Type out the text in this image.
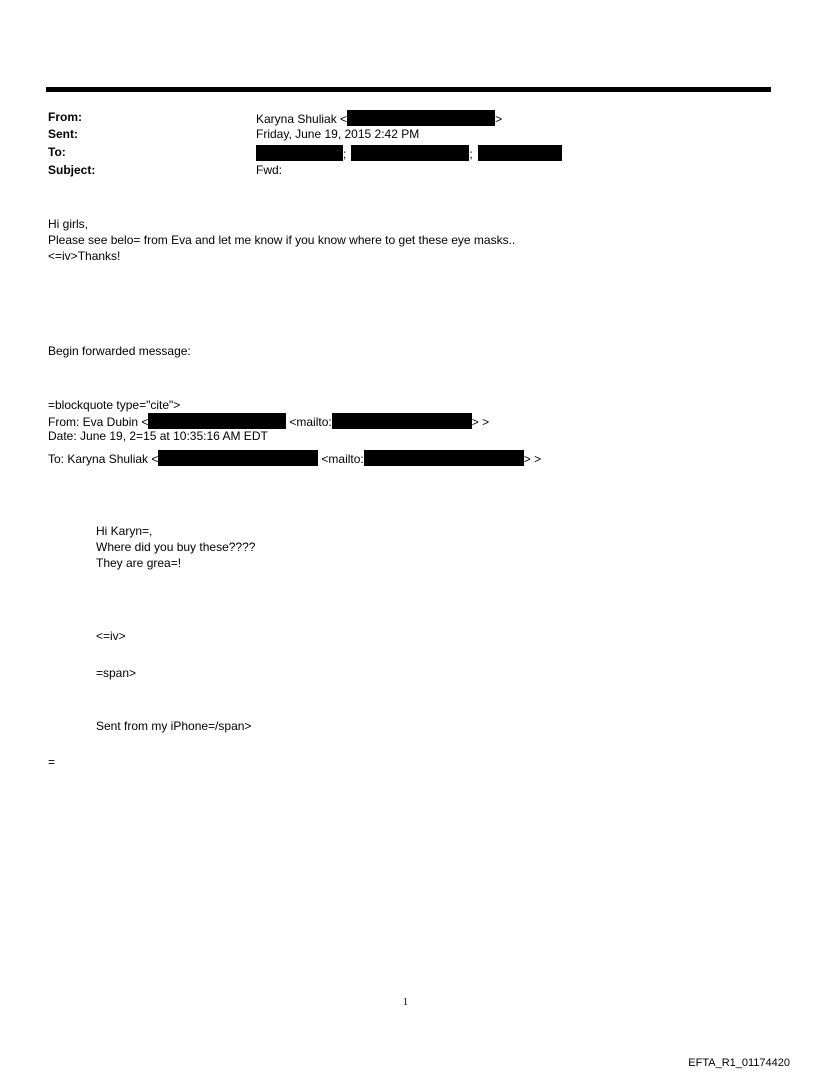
From:	Karyna Shuliak <	>
Sent:	Friday, June 19, 2015 2:42 PM
To:	;	;
Subject:	Fwd:
Hi girls,
Please see belo= from Eva and let me know if you know where to get these eye masks..
<=iv>Thanks!
Begin forwarded message:
=blockquote type="cite">
From: Eva Dubin <	<mailto:	> >
Date: June 19, 2=15 at 10:35:16 AM EDT
To: Karyna Shuliak <	<mailto:	> >
Hi Karyn=,
Where did you buy these????
They are grea=!
<=iv>
=span>
Sent from my iPhone=/span>
=
1
EFTA_R1_01174420
